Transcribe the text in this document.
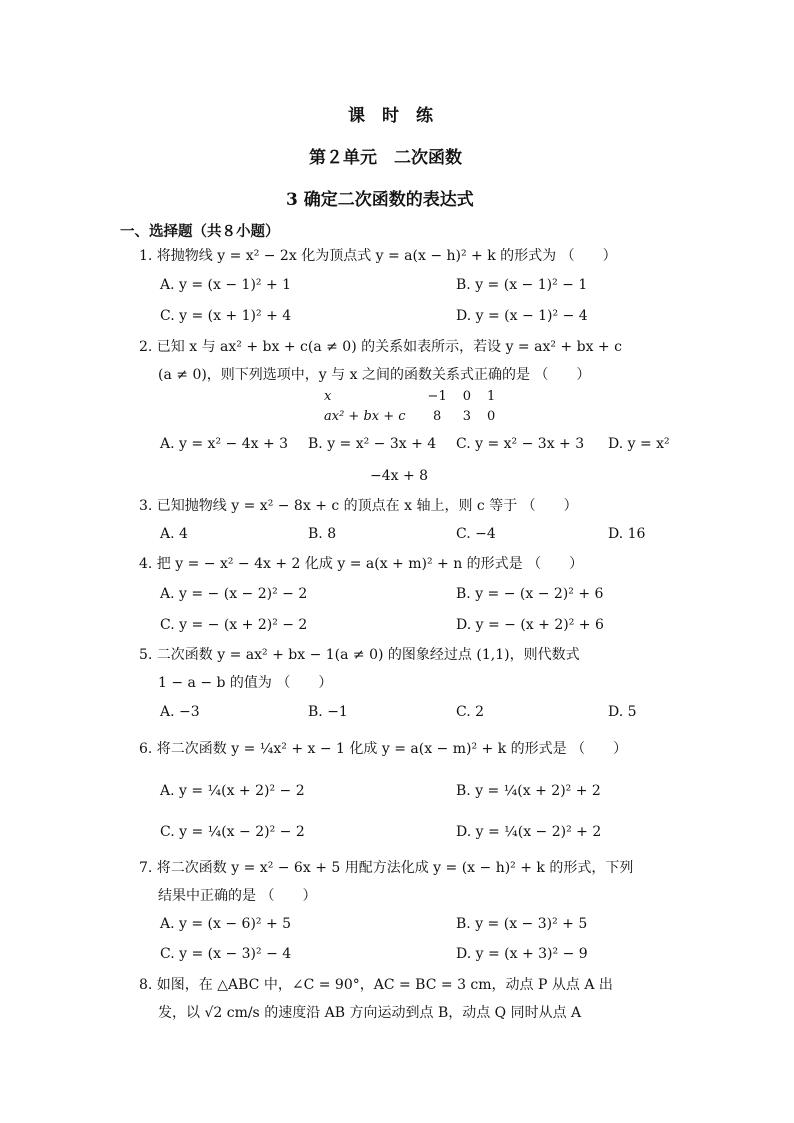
课　时　练
第２单元　二次函数
3 确定二次函数的表达式
一、选择题（共８小题）
1. 将抛物线 y = x² − 2x 化为顶点式 y = a(x − h)² + k 的形式为 （　　）
A. y = (x − 1)² + 1	B. y = (x − 1)² − 1
C. y = (x + 1)² + 4	D. y = (x − 1)² − 4
2. 已知 x 与 ax² + bx + c(a ≠ 0) 的关系如表所示，若设 y = ax² + bx + c
(a ≠ 0)，则下列选项中，y 与 x 之间的函数关系式正确的是 （　　）
x	−1	0	1
ax² + bx + c	8	3	0
A. y = x² − 4x + 3 B. y = x² − 3x + 4 C. y = x² − 3x + 3 D. y = x²
−4x + 8
3. 已知抛物线 y = x² − 8x + c 的顶点在 x 轴上，则 c 等于 （　　）
A. 4	B. 8	C. −4	D. 16
4. 把 y = − x² − 4x + 2 化成 y = a(x + m)² + n 的形式是 （　　）
A. y = − (x − 2)² − 2	B. y = − (x − 2)² + 6
C. y = − (x + 2)² − 2	D. y = − (x + 2)² + 6
5. 二次函数 y = ax² + bx − 1(a ≠ 0) 的图象经过点 (1,1)，则代数式
1 − a − b 的值为 （　　）
A. −3	B. −1	C. 2	D. 5
6. 将二次函数 y = ¼x² + x − 1 化成 y = a(x − m)² + k 的形式是 （　　）
A. y = ¼(x + 2)² − 2	B. y = ¼(x + 2)² + 2
C. y = ¼(x − 2)² − 2	D. y = ¼(x − 2)² + 2
7. 将二次函数 y = x² − 6x + 5 用配方法化成 y = (x − h)² + k 的形式，下列
结果中正确的是 （　　）
A. y = (x − 6)² + 5	B. y = (x − 3)² + 5
C. y = (x − 3)² − 4	D. y = (x + 3)² − 9
8. 如图，在 △ABC 中，∠C = 90°，AC = BC = 3 cm，动点 P 从点 A 出
发，以 √2 cm/s 的速度沿 AB 方向运动到点 B，动点 Q 同时从点 A
